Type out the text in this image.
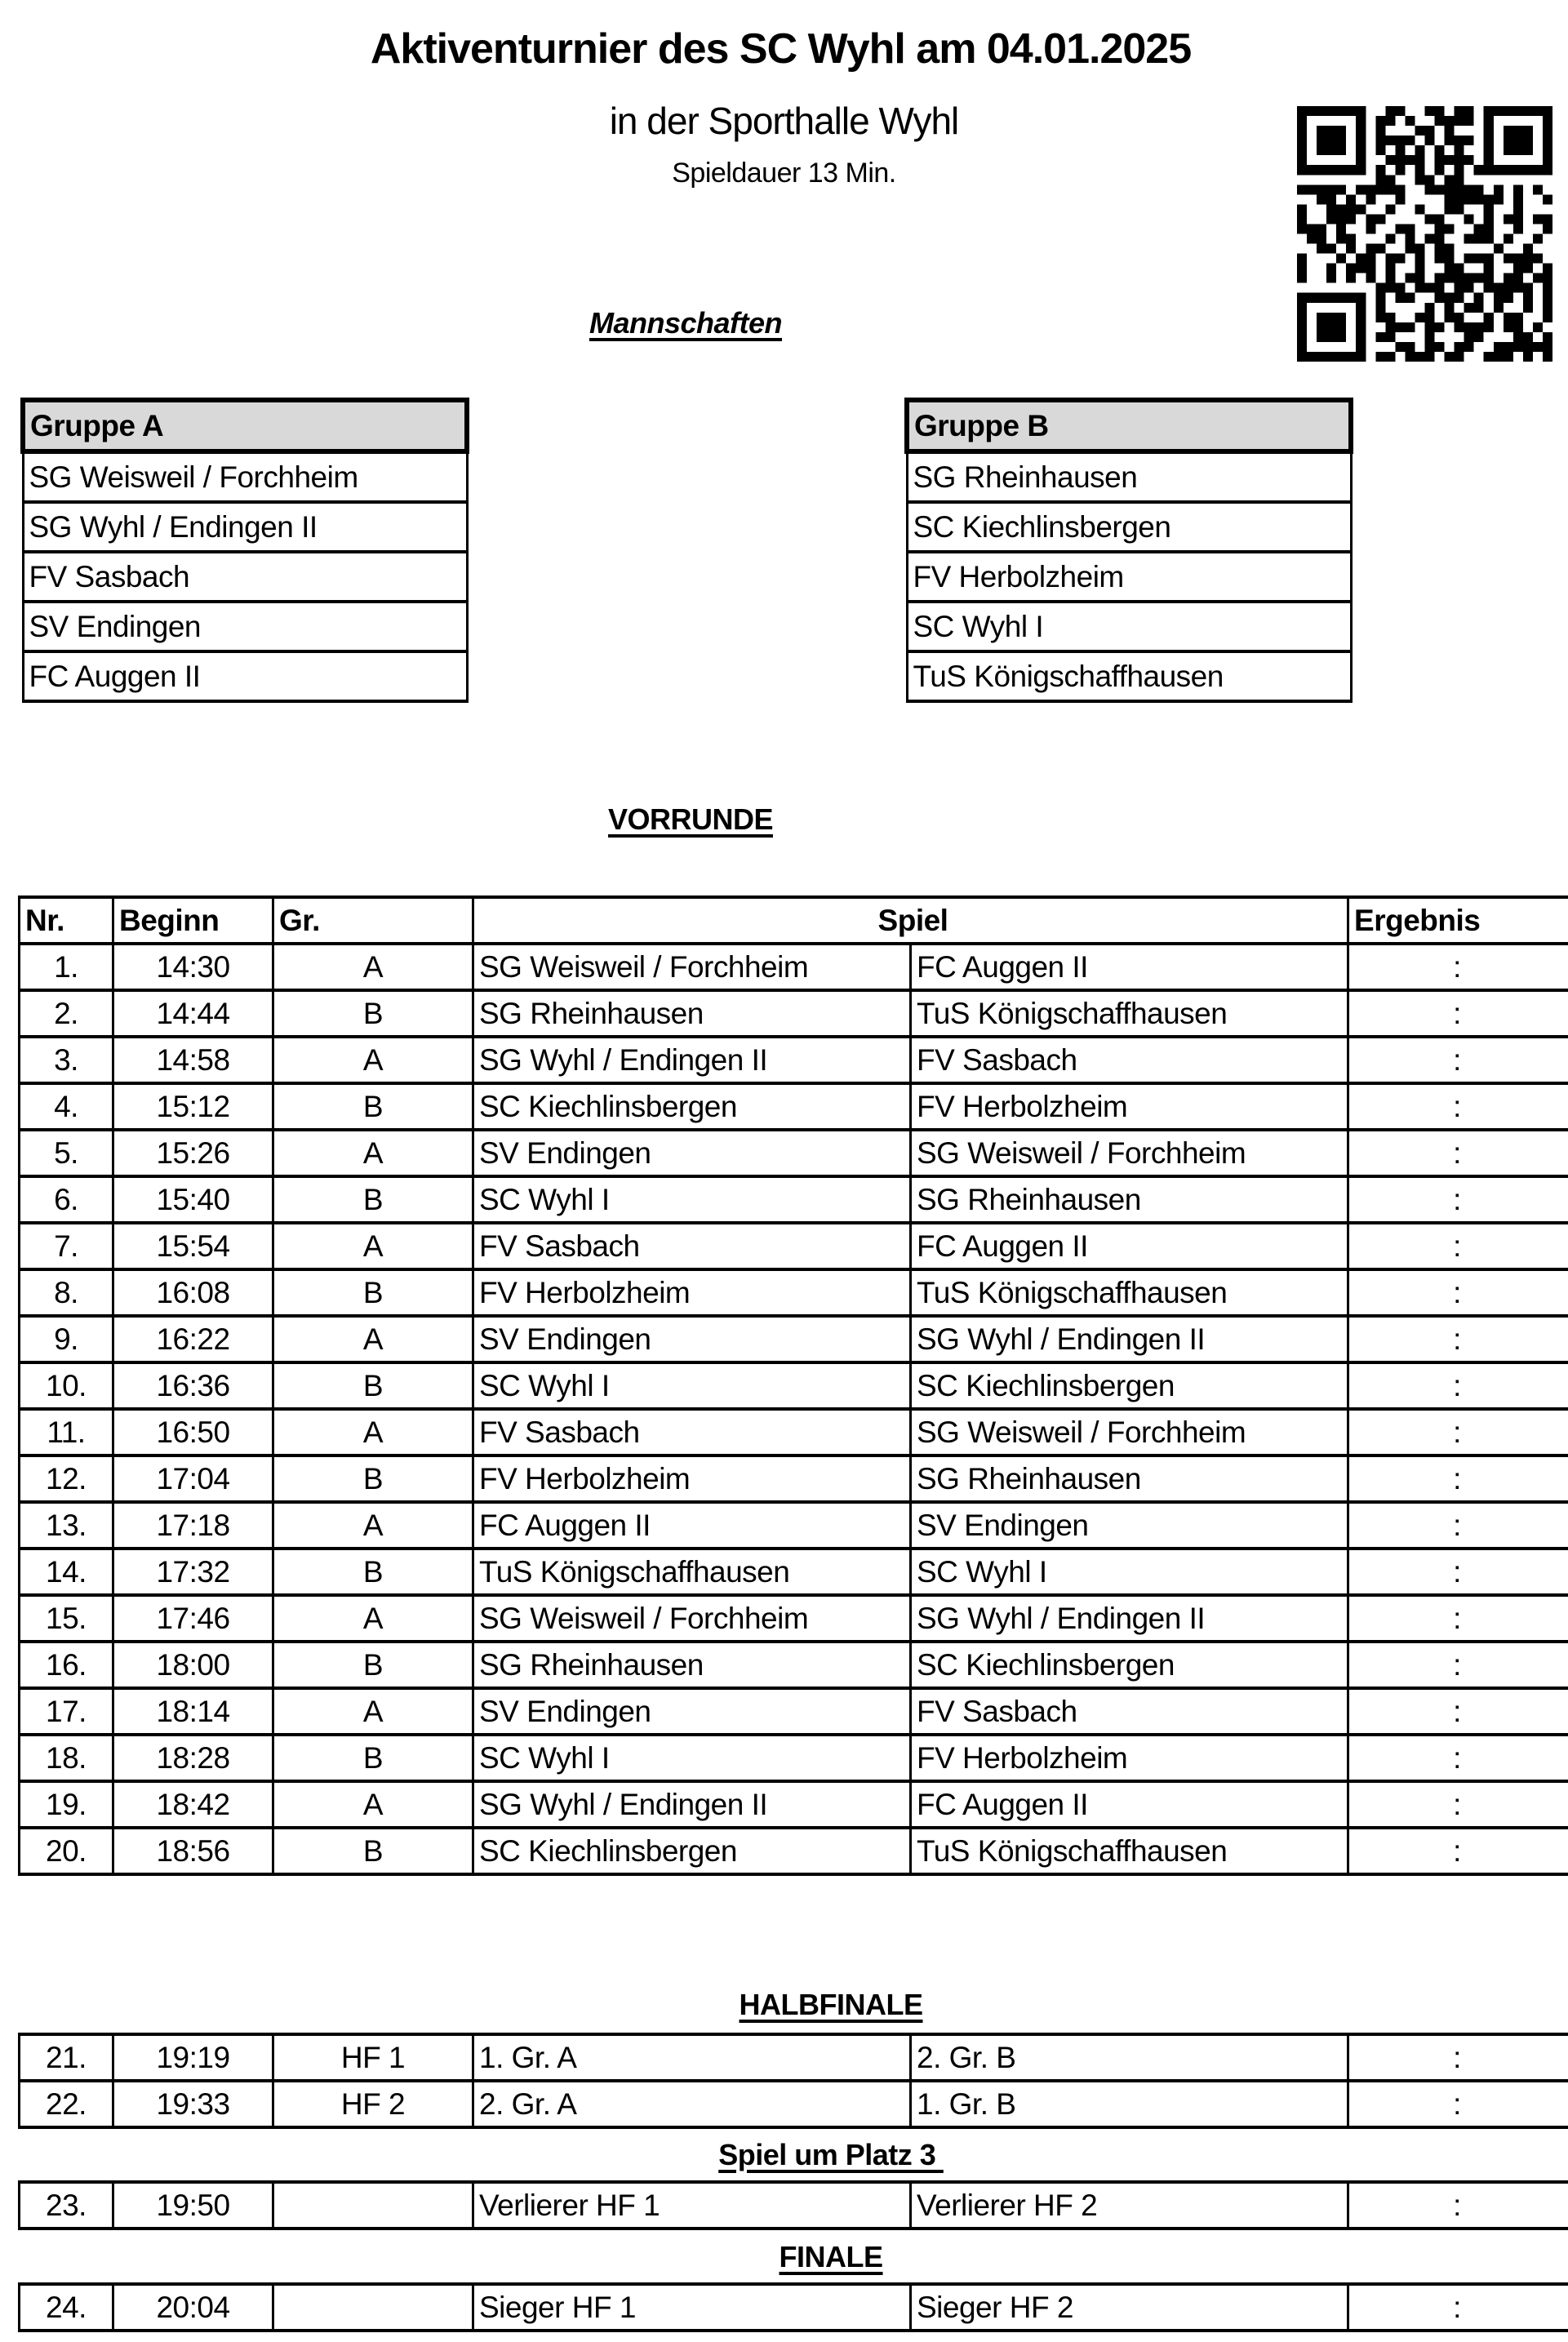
Aktiventurnier des SC Wyhl am 04.01.2025
in der Sporthalle Wyhl
Spieldauer 13 Min.
Mannschaften
Gruppe A
SG Weisweil / Forchheim
SG Wyhl / Endingen II
FV Sasbach
SV Endingen
FC Auggen II
Gruppe B
SG Rheinhausen
SC Kiechlinsbergen
FV Herbolzheim
SC Wyhl I
TuS Königschaffhausen
VORRUNDE
Nr.	Beginn	Gr.	Spiel		Ergebnis
1.	14:30	A	SG Weisweil / Forchheim	FC Auggen II	:
2.	14:44	B	SG Rheinhausen	TuS Königschaffhausen	:
3.	14:58	A	SG Wyhl / Endingen II	FV Sasbach	:
4.	15:12	B	SC Kiechlinsbergen	FV Herbolzheim	:
5.	15:26	A	SV Endingen	SG Weisweil / Forchheim	:
6.	15:40	B	SC Wyhl I	SG Rheinhausen	:
7.	15:54	A	FV Sasbach	FC Auggen II	:
8.	16:08	B	FV Herbolzheim	TuS Königschaffhausen	:
9.	16:22	A	SV Endingen	SG Wyhl / Endingen II	:
10.	16:36	B	SC Wyhl I	SC Kiechlinsbergen	:
11.	16:50	A	FV Sasbach	SG Weisweil / Forchheim	:
12.	17:04	B	FV Herbolzheim	SG Rheinhausen	:
13.	17:18	A	FC Auggen II	SV Endingen	:
14.	17:32	B	TuS Königschaffhausen	SC Wyhl I	:
15.	17:46	A	SG Weisweil / Forchheim	SG Wyhl / Endingen II	:
16.	18:00	B	SG Rheinhausen	SC Kiechlinsbergen	:
17.	18:14	A	SV Endingen	FV Sasbach	:
18.	18:28	B	SC Wyhl I	FV Herbolzheim	:
19.	18:42	A	SG Wyhl / Endingen II	FC Auggen II	:
20.	18:56	B	SC Kiechlinsbergen	TuS Königschaffhausen	:
HALBFINALE
21.	19:19	HF 1	1. Gr. A	2. Gr. B	:
22.	19:33	HF 2	2. Gr. A	1. Gr. B	:
Spiel um Platz 3
23.	19:50		Verlierer HF 1	Verlierer HF 2	:
FINALE
24.	20:04		Sieger HF 1	Sieger HF 2	:
